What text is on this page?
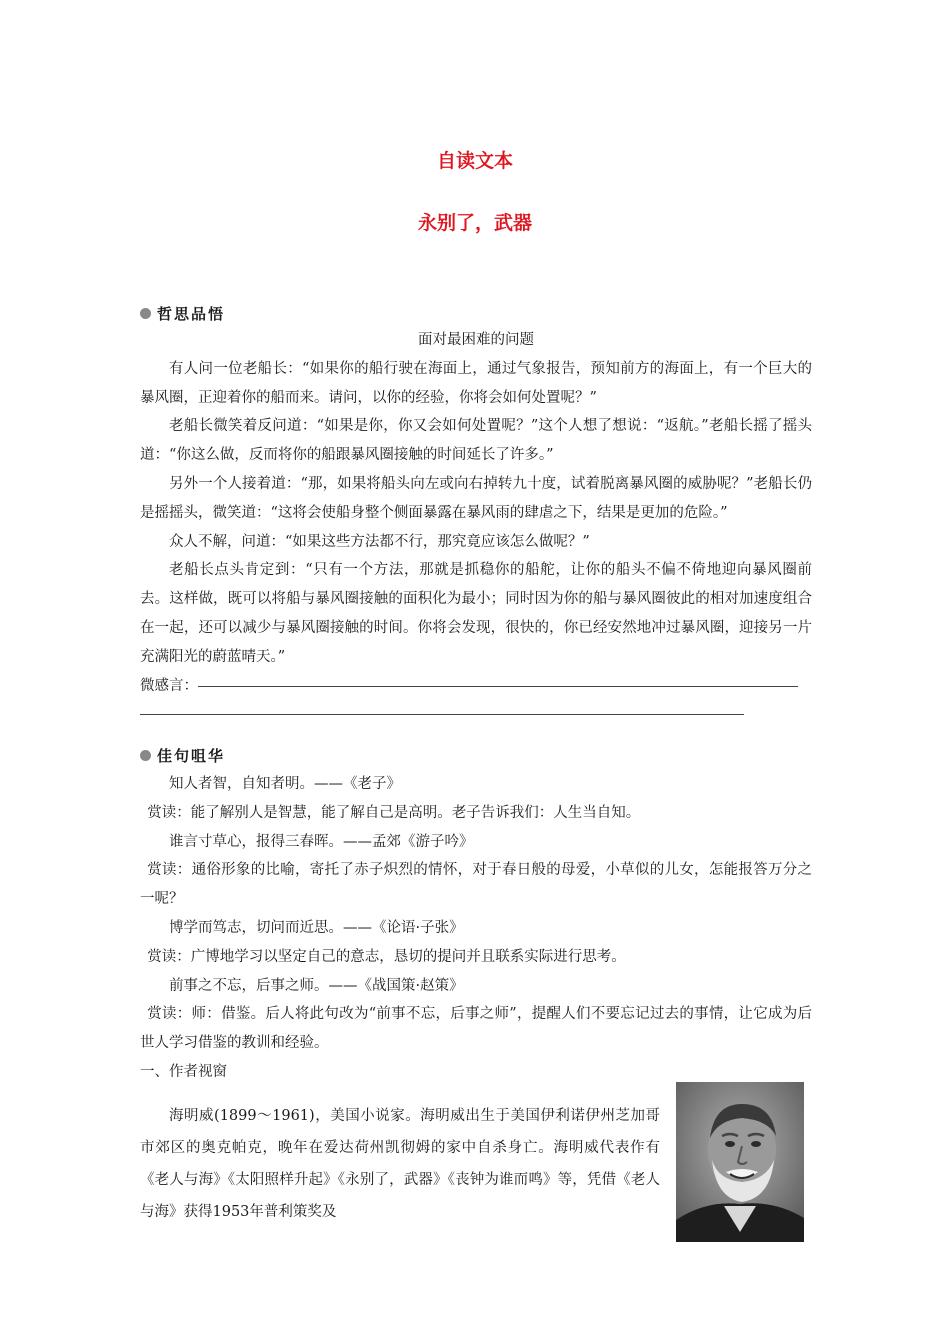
自读文本
永别了，武器
哲思品悟

面对最困难的问题

有人问一位老船长：“如果你的船行驶在海面上，通过气象报告，预知前方的海面上，有一个巨大的暴风圈，正迎着你的船而来。请问，以你的经验，你将会如何处置呢？”

老船长微笑着反问道：“如果是你，你又会如何处置呢？”这个人想了想说：“返航。”老船长摇了摇头道：“你这么做，反而将你的船跟暴风圈接触的时间延长了许多。”

另外一个人接着道：“那，如果将船头向左或向右掉转九十度，试着脱离暴风圈的威胁呢？”老船长仍是摇摇头，微笑道：“这将会使船身整个侧面暴露在暴风雨的肆虐之下，结果是更加的危险。”

众人不解，问道：“如果这些方法都不行，那究竟应该怎么做呢？”

老船长点头肯定到：“只有一个方法，那就是抓稳你的船舵，让你的船头不偏不倚地迎向暴风圈前去。这样做，既可以将船与暴风圈接触的面积化为最小；同时因为你的船与暴风圈彼此的相对加速度组合在一起，还可以减少与暴风圈接触的时间。你将会发现，很快的，你已经安然地冲过暴风圈，迎接另一片充满阳光的蔚蓝晴天。”

微感言：

佳句咀华

知人者智，自知者明。——《老子》

赏读：能了解别人是智慧，能了解自己是高明。老子告诉我们：人生当自知。

谁言寸草心，报得三春晖。——孟郊《游子吟》

赏读：通俗形象的比喻，寄托了赤子炽烈的情怀，对于春日般的母爱，小草似的儿女，怎能报答万分之一呢？

博学而笃志，切问而近思。——《论语·子张》

赏读：广博地学习以坚定自己的意志，恳切的提问并且联系实际进行思考。

前事之不忘，后事之师。——《战国策·赵策》

赏读：师：借鉴。后人将此句改为“前事不忘，后事之师”，提醒人们不要忘记过去的事情，让它成为后世人学习借鉴的教训和经验。

一、作者视窗

海明威(1899～1961)，美国小说家。海明威出生于美国伊利诺伊州芝加哥市郊区的奥克帕克，晚年在爱达荷州凯彻姆的家中自杀身亡。海明威代表作有《老人与海》《太阳照样升起》《永别了，武器》《丧钟为谁而鸣》等，凭借《老人与海》获得1953年普利策奖及
